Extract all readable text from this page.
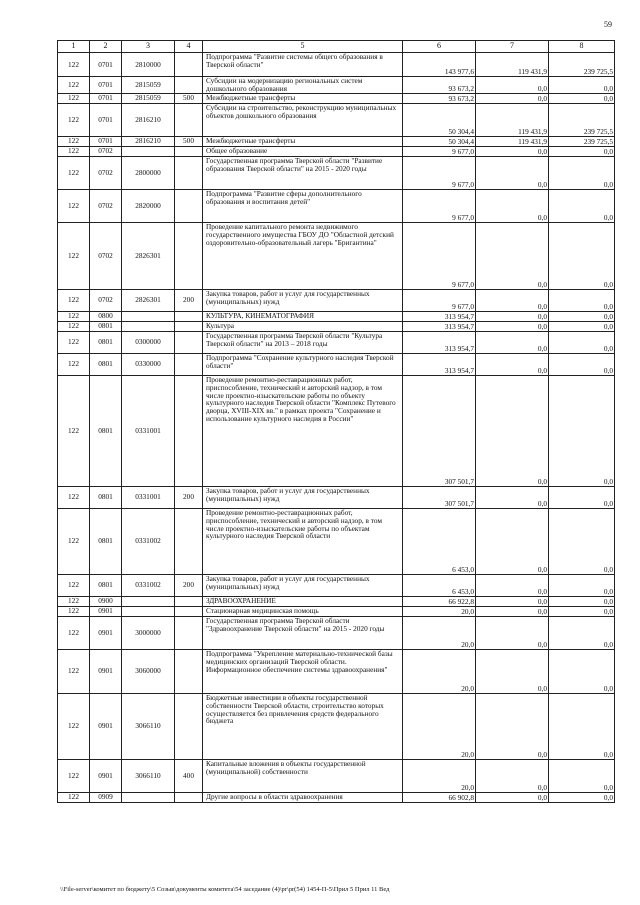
59
1	2	3	4	5	6	7	8
122	0701	2810000		Подпрограмма "Развитие системы общего образования в Тверской области"	143 977,6	119 431,9	239 725,5
122	0701	2815059		Субсидии на модернизацию региональных систем дошкольного образования	93 673,2	0,0	0,0
122	0701	2815059	500	Межбюджетные трансферты	93 673,2	0,0	0,0
122	0701	2816210		Субсидии на строительство, реконструкцию муниципальных объектов дошкольного образования	50 304,4	119 431,9	239 725,5
122	0701	2816210	500	Межбюджетные трансферты	50 304,4	119 431,9	239 725,5
122	0702			Общее образование	9 677,0	0,0	0,0
122	0702	2800000		Государственная программа Тверской области "Развитие образования Тверской области" на 2015 - 2020 годы	9 677,0	0,0	0,0
122	0702	2820000		Подпрограмма "Развитие сферы дополнительного образования и воспитания детей"	9 677,0	0,0	0,0
122	0702	2826301		Проведение капитального ремонта недвижимого государственного имущества ГБОУ ДО "Областной детский оздоровительно-образовательный лагерь "Бригантина"	9 677,0	0,0	0,0
122	0702	2826301	200	Закупка товаров, работ и услуг для государственных (муниципальных) нужд	9 677,0	0,0	0,0
122	0800			КУЛЬТУРА, КИНЕМАТОГРАФИЯ	313 954,7	0,0	0,0
122	0801			Культура	313 954,7	0,0	0,0
122	0801	0300000		Государственная программа Тверской области "Культура Тверской области" на 2013 – 2018 годы	313 954,7	0,0	0,0
122	0801	0330000		Подпрограмма "Сохранение культурного наследия Тверской области"	313 954,7	0,0	0,0
122	0801	0331001		Проведение ремонтно-реставрационных работ, приспособление, технический и авторский надзор, в том числе проектно-изыскательские работы по объекту культурного наследия Тверской области "Комплекс Путевого дворца, XVIII-XIX вв." в рамках проекта "Сохранение и использование культурного наследия в России"	307 501,7	0,0	0,0
122	0801	0331001	200	Закупка товаров, работ и услуг для государственных (муниципальных) нужд	307 501,7	0,0	0,0
122	0801	0331002		Проведение ремонтно-реставрационных работ, приспособление, технический и авторский надзор, в том числе проектно-изыскательские работы по объектам культурного наследия Тверской области	6 453,0	0,0	0,0
122	0801	0331002	200	Закупка товаров, работ и услуг для государственных (муниципальных) нужд	6 453,0	0,0	0,0
122	0900			ЗДРАВООХРАНЕНИЕ	66 922,8	0,0	0,0
122	0901			Стационарная медицинская помощь	20,0	0,0	0,0
122	0901	3000000		Государственная программа Тверской области "Здравоохранение Тверской области" на 2015 - 2020 годы	20,0	0,0	0,0
122	0901	3060000		Подпрограмма "Укрепление материально-технической базы медицинских организаций Тверской области. Информационное обеспечение системы здравоохранения"	20,0	0,0	0,0
122	0901	3066110		Бюджетные инвестиции в объекты государственной собственности Тверской области, строительство которых осуществляется без привлечения средств федерального бюджета	20,0	0,0	0,0
122	0901	3066110	400	Капитальные вложения в объекты государственной (муниципальной) собственности	20,0	0,0	0,0
122	0909			Другие вопросы в области здравоохранения	66 902,8	0,0	0,0
\\File-server\комитет по бюджету\5 Созыв\документы комитета\54 заседание (4)\pr\pr(54) 1454-П-5\Прил 5 Прил 11 Вед
